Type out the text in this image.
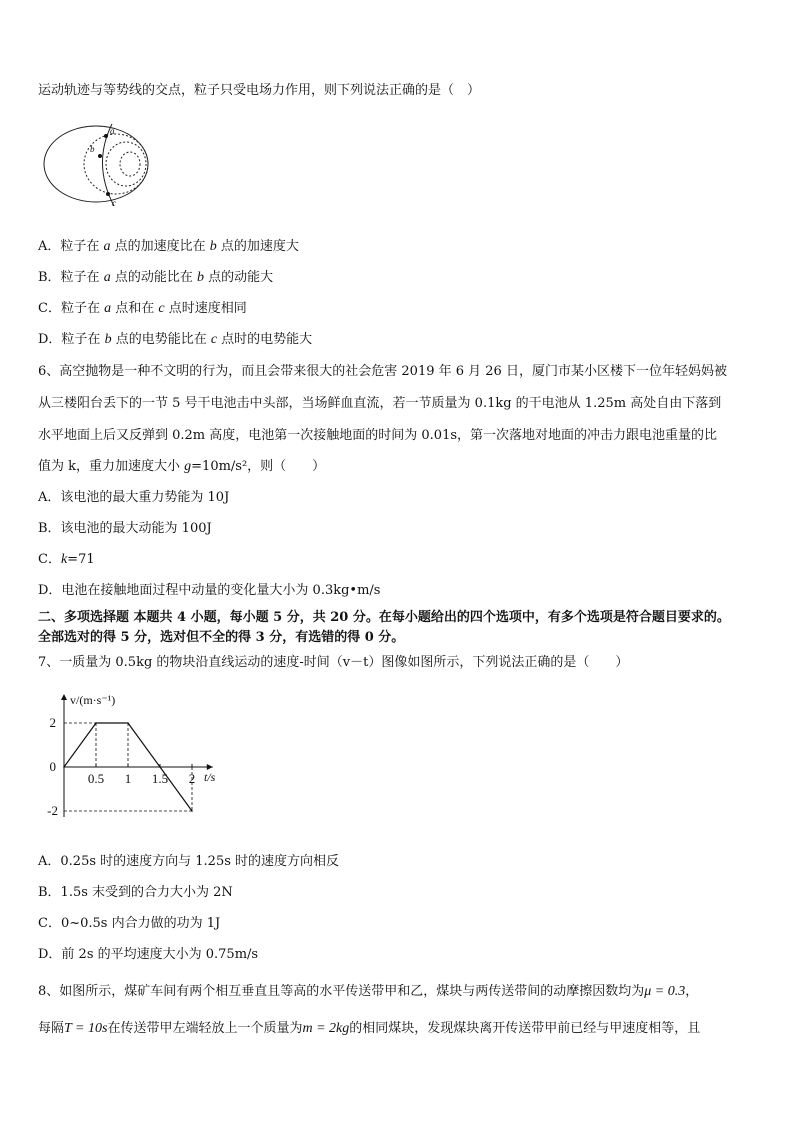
运动轨迹与等势线的交点，粒子只受电场力作用，则下列说法正确的是（　）
a
b
c
A．粒子在 a 点的加速度比在 b 点的加速度大
B．粒子在 a 点的动能比在 b 点的动能大
C．粒子在 a 点和在 c 点时速度相同
D．粒子在 b 点的电势能比在 c 点时的电势能大
6、高空抛物是一种不文明的行为，而且会带来很大的社会危害 2019 年 6 月 26 日，厦门市某小区楼下一位年轻妈妈被
从三楼阳台丢下的一节 5 号干电池击中头部，当场鲜血直流，若一节质量为 0.1kg 的干电池从 1.25m 高处自由下落到
水平地面上后又反弹到 0.2m 高度，电池第一次接触地面的时间为 0.01s，第一次落地对地面的冲击力跟电池重量的比
值为 k，重力加速度大小 g=10m/s²，则（　　）
A．该电池的最大重力势能为 10J
B．该电池的最大动能为 100J
C．k=71
D．电池在接触地面过程中动量的变化量大小为 0.3kg•m/s
二、多项选择题 本题共 4 小题，每小题 5 分，共 20 分。在每小题给出的四个选项中，有多个选项是符合题目要求的。
全部选对的得 5 分，选对但不全的得 3 分，有选错的得 0 分。
7、一质量为 0.5kg 的物块沿直线运动的速度-时间（v－t）图像如图所示，下列说法正确的是（　　）
v/(m·s⁻¹)
t/s
2
0
-2
0.5 1 1.5 2
A．0.25s 时的速度方向与 1.25s 时的速度方向相反
B．1.5s 末受到的合力大小为 2N
C．0~0.5s 内合力做的功为 1J
D．前 2s 的平均速度大小为 0.75m/s
8、如图所示，煤矿车间有两个相互垂直且等高的水平传送带甲和乙，煤块与两传送带间的动摩擦因数均为μ = 0.3，
每隔T = 10s在传送带甲左端轻放上一个质量为m = 2kg的相同煤块，发现煤块离开传送带甲前已经与甲速度相等，且
